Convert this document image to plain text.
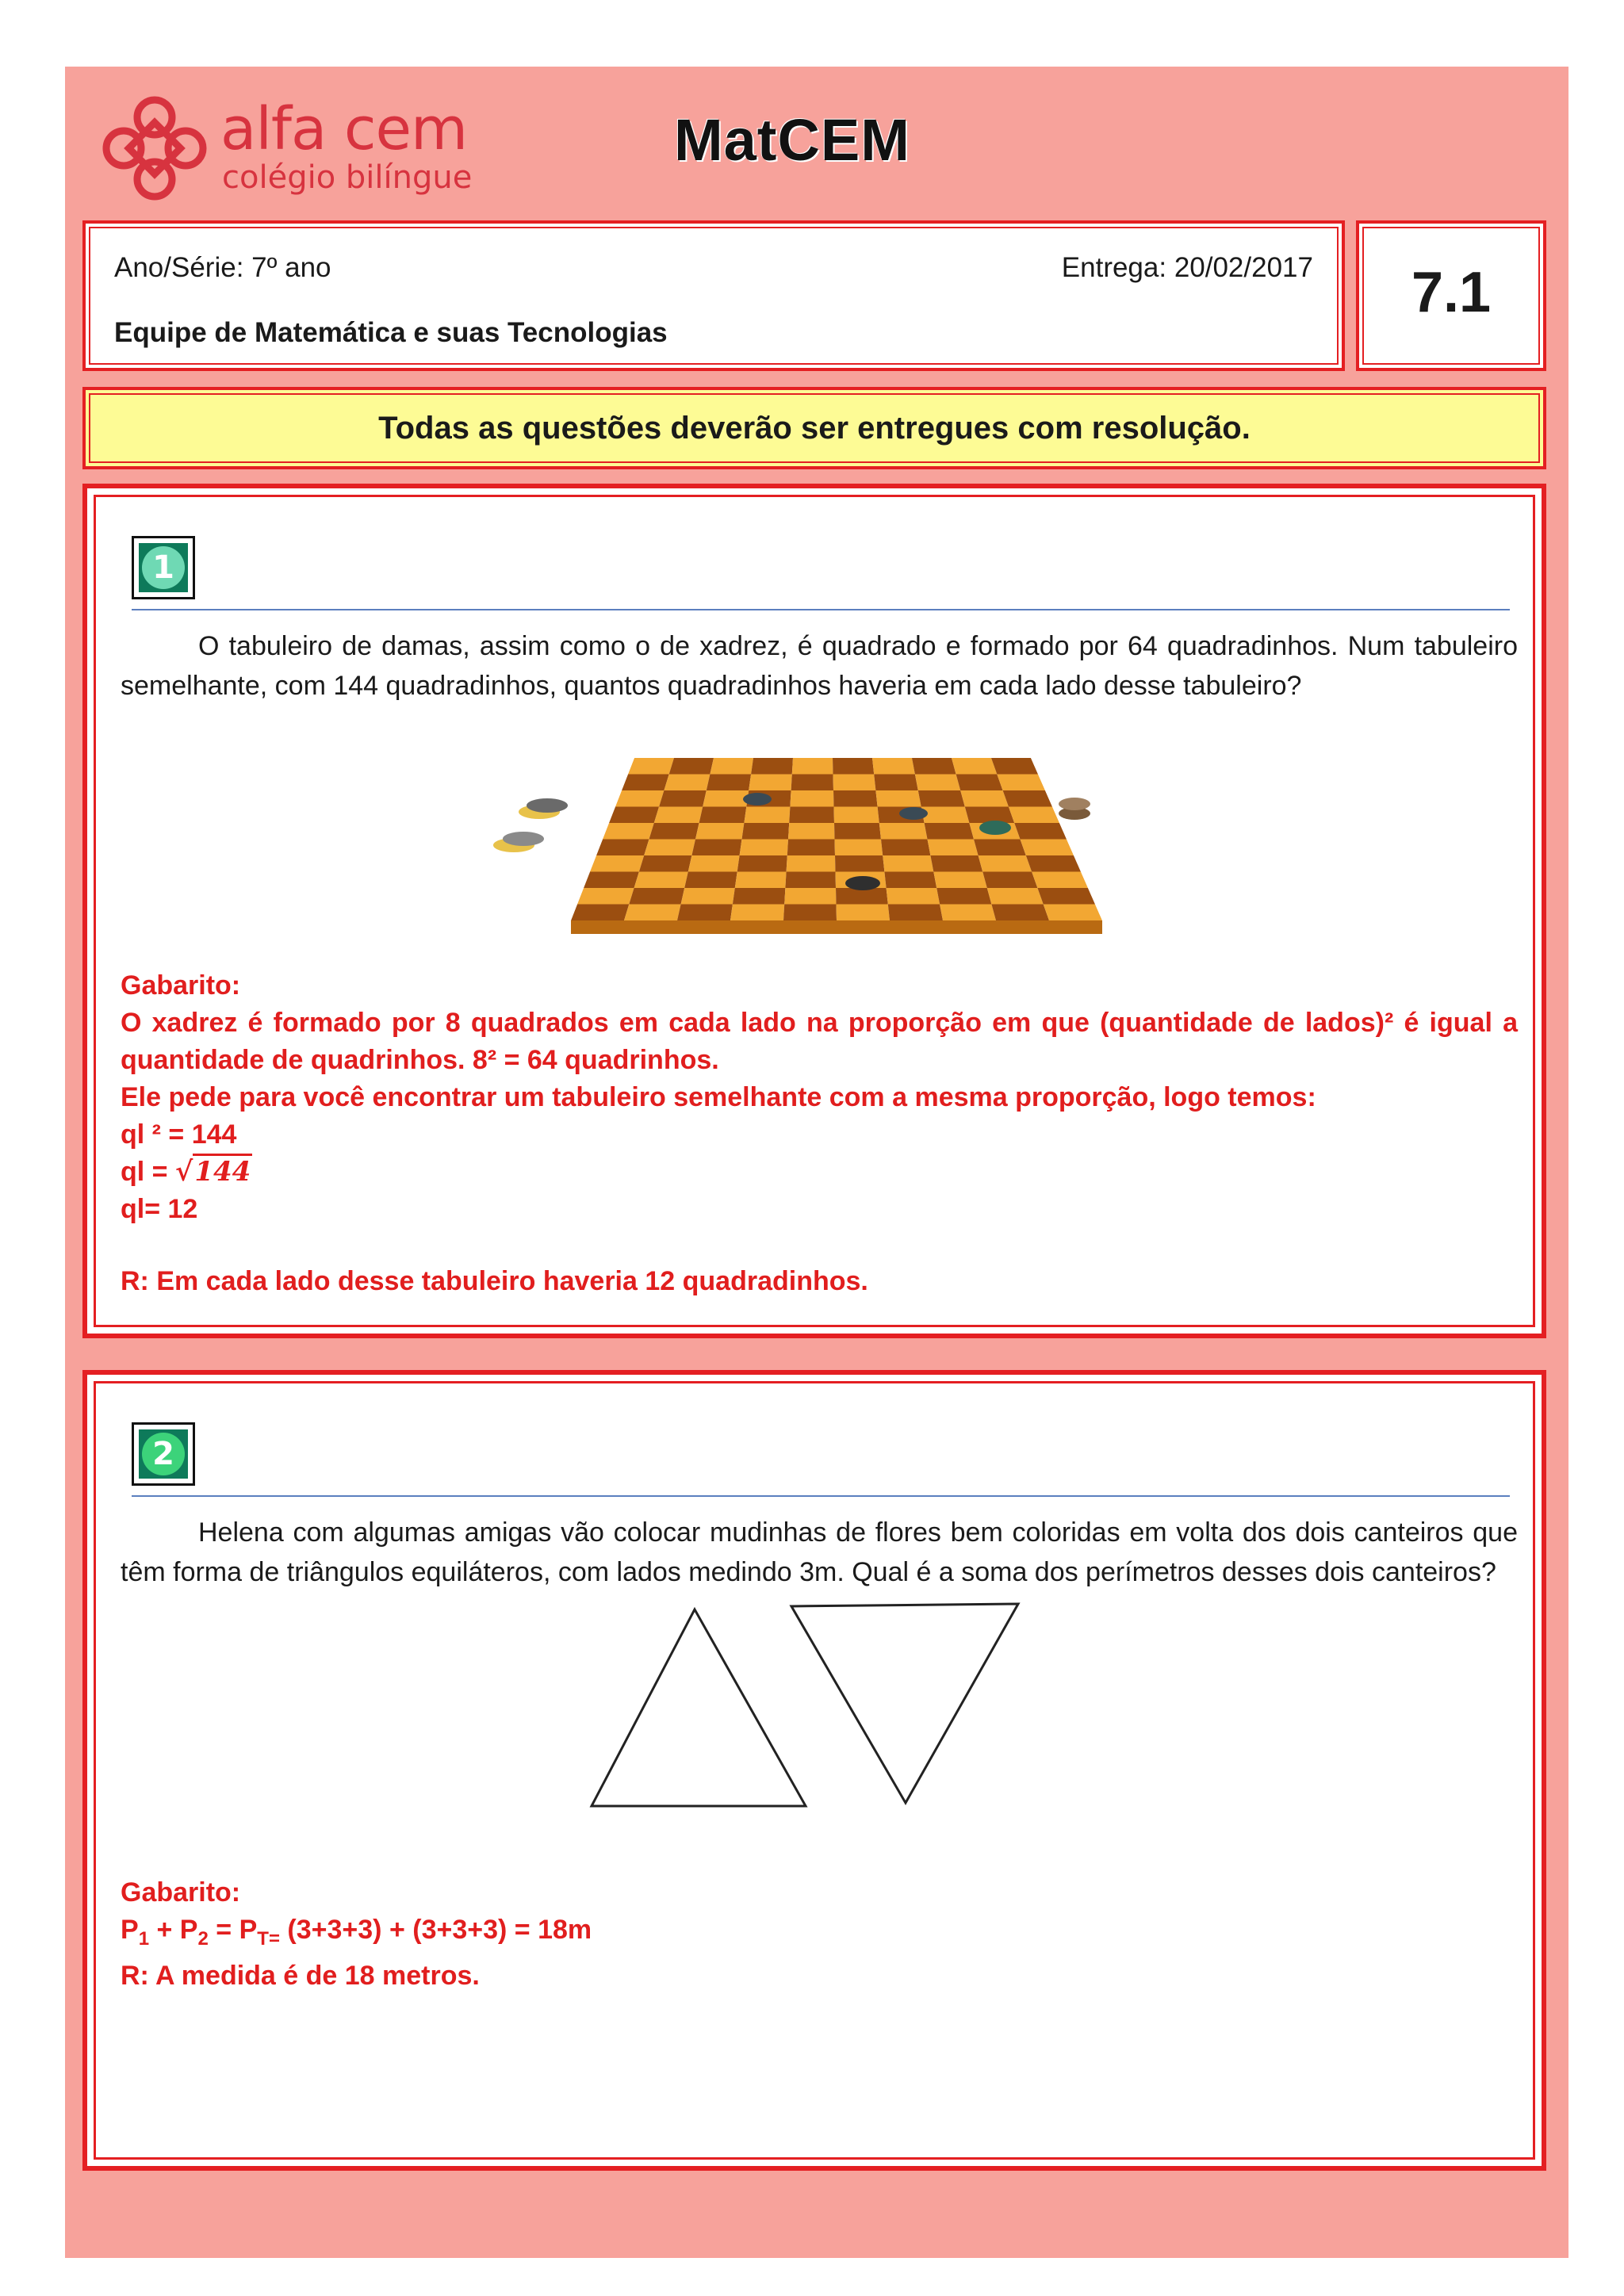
alfa cem
colégio bilíngue
MatCEM
Ano/Série: 7º ano	Entrega: 20/02/2017
Equipe de Matemática e suas Tecnologias
7.1
Todas as questões deverão ser entregues com resolução.
1
O tabuleiro de damas, assim como o de xadrez, é quadrado e formado por 64 quadradinhos. Num tabuleiro semelhante, com 144 quadradinhos, quantos quadradinhos haveria em cada lado desse tabuleiro?

Gabarito:

O xadrez é formado por 8 quadrados em cada lado na proporção em que (quantidade de lados)² é igual a quantidade de quadrinhos. 8² = 64 quadrinhos.

Ele pede para você encontrar um tabuleiro semelhante com a mesma proporção, logo temos:

ql ² = 144

ql = √144

ql= 12

R: Em cada lado desse tabuleiro haveria 12 quadradinhos.

2
Helena com algumas amigas vão colocar mudinhas de flores bem coloridas em volta dos dois canteiros que têm forma de triângulos equiláteros, com lados medindo 3m. Qual é a soma dos perímetros desses dois canteiros?

Gabarito:

$P_1 + P_2 = P_{T=}$ (3+3+3) + (3+3+3) = 18m

R: A medida é de 18 metros.
